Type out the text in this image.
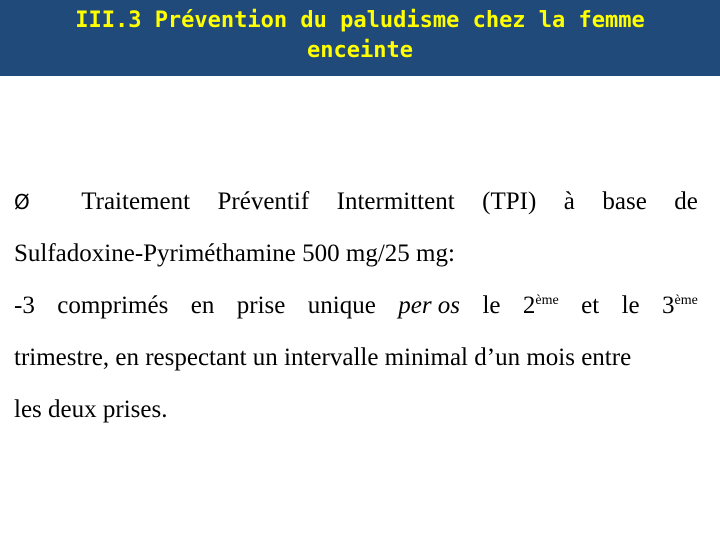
III.3 Prévention du paludisme chez la femme
enceinte
Ø Traitement Préventif Intermittent (TPI) à base de
Sulfadoxine-Pyriméthamine 500 mg/25 mg:
-3 comprimés en prise unique per os le 2ème et le 3ème
trimestre, en respectant un intervalle minimal d’un mois entre
les deux prises.
